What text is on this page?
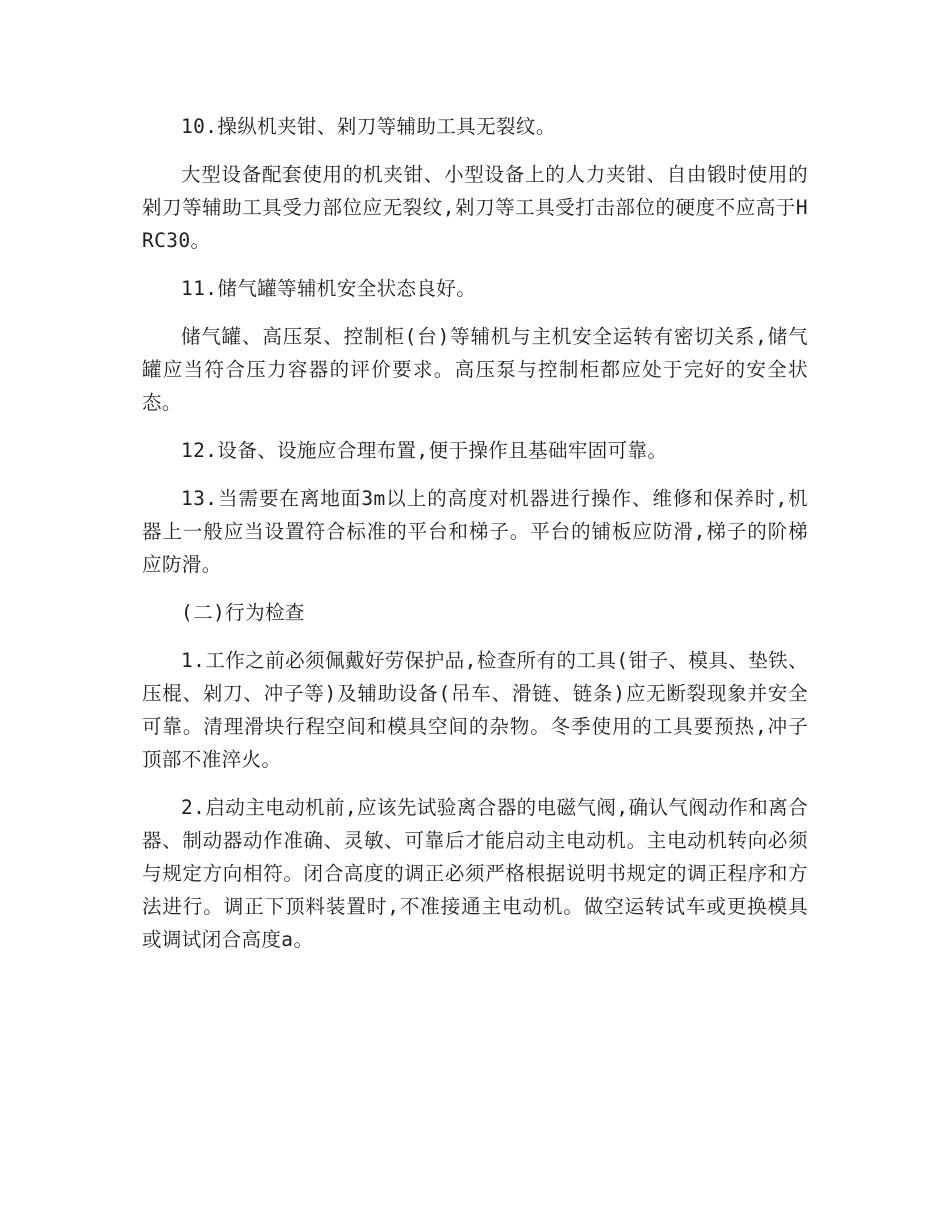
10.操纵机夹钳、剁刀等辅助工具无裂纹。

大型设备配套使用的机夹钳、小型设备上的人力夹钳、自由锻时使用的剁刀等辅助工具受力部位应无裂纹,剁刀等工具受打击部位的硬度不应高于HRC30。

11.储气罐等辅机安全状态良好。

储气罐、高压泵、控制柜(台)等辅机与主机安全运转有密切关系,储气罐应当符合压力容器的评价要求。高压泵与控制柜都应处于完好的安全状态。

12.设备、设施应合理布置,便于操作且基础牢固可靠。

13.当需要在离地面3m以上的高度对机器进行操作、维修和保养时,机器上一般应当设置符合标准的平台和梯子。平台的铺板应防滑,梯子的阶梯应防滑。

(二)行为检查

1.工作之前必须佩戴好劳保护品,检查所有的工具(钳子、模具、垫铁、压棍、剁刀、冲子等)及辅助设备(吊车、滑链、链条)应无断裂现象并安全可靠。清理滑块行程空间和模具空间的杂物。冬季使用的工具要预热,冲子顶部不准淬火。

2.启动主电动机前,应该先试验离合器的电磁气阀,确认气阀动作和离合器、制动器动作准确、灵敏、可靠后才能启动主电动机。主电动机转向必须与规定方向相符。闭合高度的调正必须严格根据说明书规定的调正程序和方法进行。调正下顶料装置时,不准接通主电动机。做空运转试车或更换模具或调试闭合高度a。
